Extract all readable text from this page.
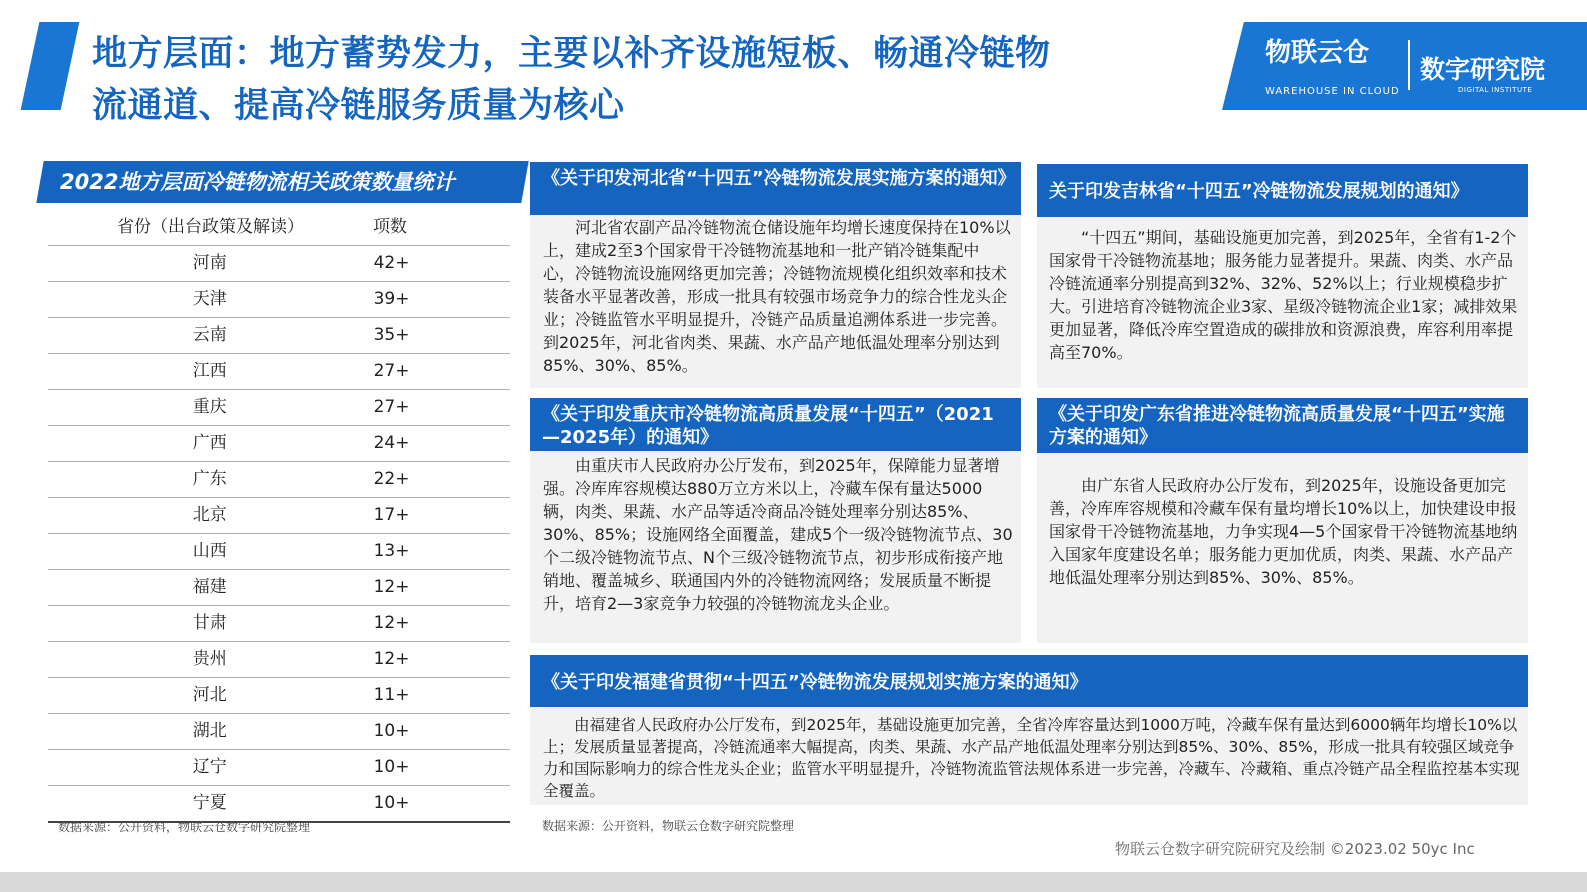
地方层面：地方蓄势发力，主要以补齐设施短板、畅通冷链物
流通道、提高冷链服务质量为核心
物联云仓
WAREHOUSE IN CLOUD
数字研究院
DIGITAL INSTITUTE
2022地方层面冷链物流相关政策数量统计
省份（出台政策及解读）	项数
河南	42+
天津	39+
云南	35+
江西	27+
重庆	27+
广西	24+
广东	22+
北京	17+
山西	13+
福建	12+
甘肃	12+
贵州	12+
河北	11+
湖北	10+
辽宁	10+
宁夏	10+
数据来源：公开资料，物联云仓数字研究院整理
《关于印发河北省“十四五”冷链物流发展实施方案的通知》
河北省农副产品冷链物流仓储设施年均增长速度保持在10%以上，建成2至3个国家骨干冷链物流基地和一批产销冷链集配中心，冷链物流设施网络更加完善；冷链物流规模化组织效率和技术装备水平显著改善，形成一批具有较强市场竞争力的综合性龙头企业；冷链监管水平明显提升，冷链产品质量追溯体系进一步完善。到2025年，河北省肉类、果蔬、水产品产地低温处理率分别达到85%、30%、85%。
关于印发吉林省“十四五”冷链物流发展规划的通知》
“十四五”期间，基础设施更加完善，到2025年，全省有1-2个国家骨干冷链物流基地；服务能力显著提升。果蔬、肉类、水产品冷链流通率分别提高到32%、32%、52%以上；行业规模稳步扩大。引进培育冷链物流企业3家、星级冷链物流企业1家；减排效果更加显著，降低冷库空置造成的碳排放和资源浪费，库容利用率提高至70%。
《关于印发重庆市冷链物流高质量发展“十四五”（2021—2025年）的通知》
由重庆市人民政府办公厅发布，到2025年，保障能力显著增强。冷库库容规模达880万立方米以上，冷藏车保有量达5000辆，肉类、果蔬、水产品等适冷商品冷链处理率分别达85%、30%、85%；设施网络全面覆盖，建成5个一级冷链物流节点、30个二级冷链物流节点、N个三级冷链物流节点，初步形成衔接产地销地、覆盖城乡、联通国内外的冷链物流网络；发展质量不断提升，培育2—3家竞争力较强的冷链物流龙头企业。
《关于印发广东省推进冷链物流高质量发展“十四五”实施方案的通知》
由广东省人民政府办公厅发布，到2025年，设施设备更加完善，冷库库容规模和冷藏车保有量均增长10%以上，加快建设申报国家骨干冷链物流基地，力争实现4—5个国家骨干冷链物流基地纳入国家年度建设名单；服务能力更加优质，肉类、果蔬、水产品产地低温处理率分别达到85%、30%、85%。
《关于印发福建省贯彻“十四五”冷链物流发展规划实施方案的通知》
由福建省人民政府办公厅发布，到2025年，基础设施更加完善，全省冷库容量达到1000万吨，冷藏车保有量达到6000辆年均增长10%以上；发展质量显著提高，冷链流通率大幅提高，肉类、果蔬、水产品产地低温处理率分别达到85%、30%、85%，形成一批具有较强区域竞争力和国际影响力的综合性龙头企业；监管水平明显提升，冷链物流监管法规体系进一步完善，冷藏车、冷藏箱、重点冷链产品全程监控基本实现全覆盖。
数据来源：公开资料，物联云仓数字研究院整理
物联云仓数字研究院研究及绘制 ©2023.02 50yc Inc
